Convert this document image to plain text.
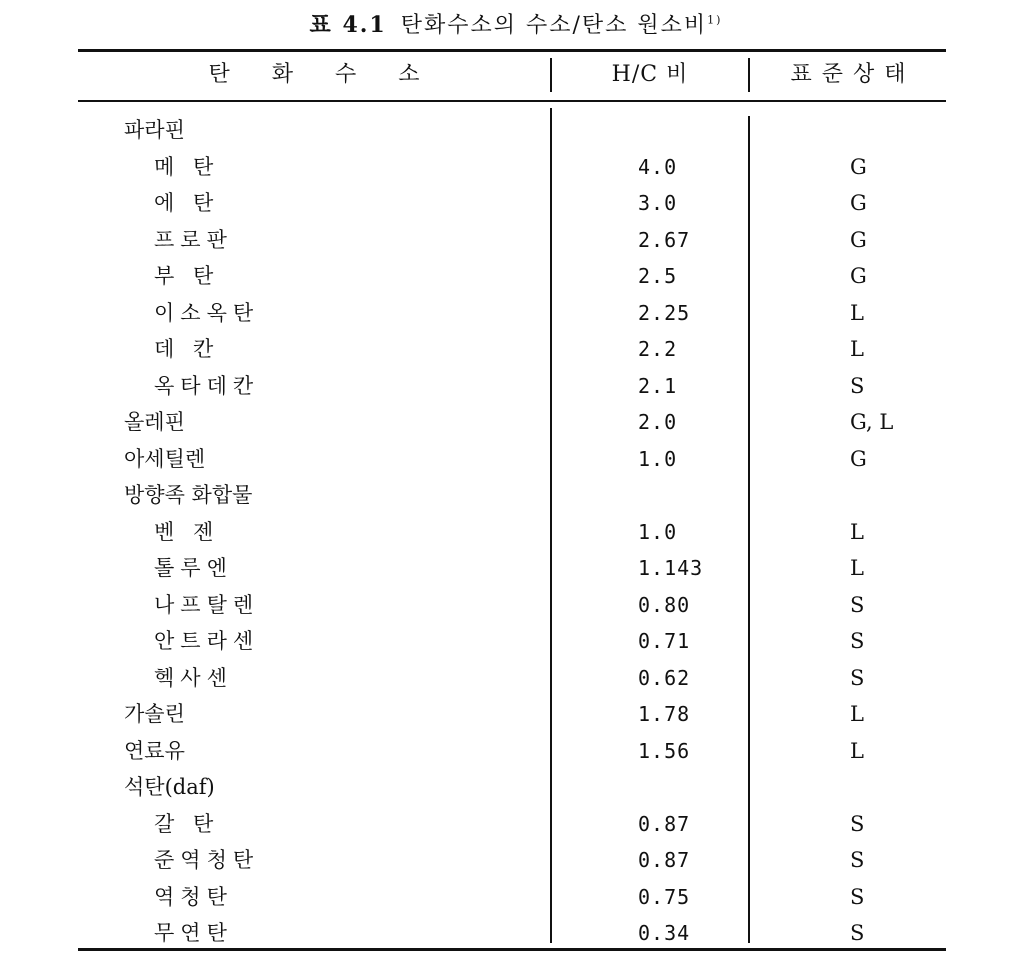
표 4.1 탄화수소의 수소/탄소 원소비$^{1)}$
탄화수소	H/C 비	표준상태
파라핀
메 탄	4.0	G
에 탄	3.0	G
프로판	2.67	G
부 탄	2.5	G
이소옥탄	2.25	L
데 칸	2.2	L
옥타데칸	2.1	S
올레핀	2.0	G, L
아세틸렌	1.0	G
방향족 화합물
벤 젠	1.0	L
톨루엔	1.143	L
나프탈렌	0.80	S
안트라센	0.71	S
헥사센	0.62	S
가솔린	1.78	L
연료유	1.56	L
석탄(daf)
갈 탄	0.87	S
준역청탄	0.87	S
역청탄	0.75	S
무연탄	0.34	S
